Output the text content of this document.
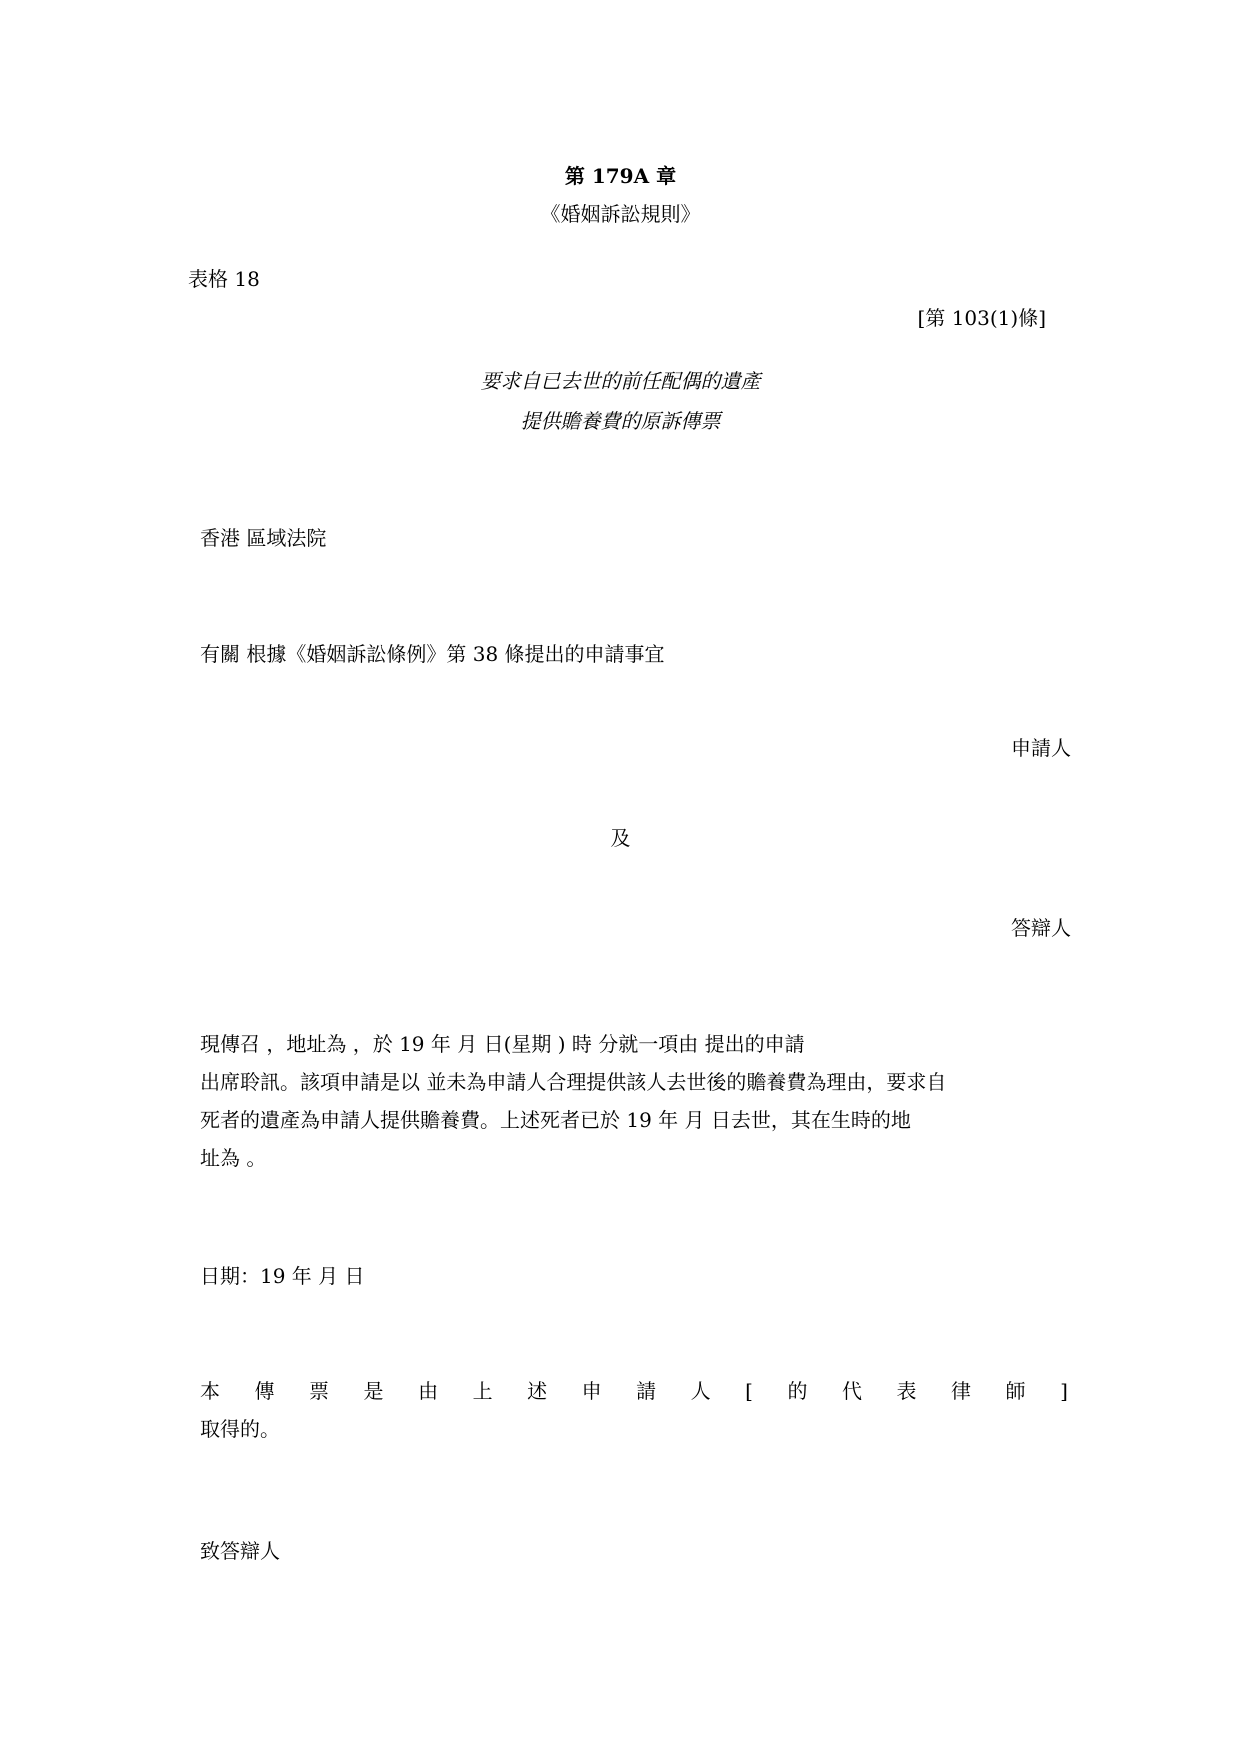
第 179A 章
《婚姻訴訟規則》
表格 18
[第 103(1)條]
要求自已去世的前任配偶的遺產
提供贍養費的原訴傳票
香港 區域法院
有關 根據《婚姻訴訟條例》第 38 條提出的申請事宜
申請人
及
答辯人
現傳召 ，地址為 ，於 19 年 月 日(星期 ) 時 分就一項由 提出的申請
出席聆訊。該項申請是以 並未為申請人合理提供該人去世後的贍養費為理由，要求自
死者的遺產為申請人提供贍養費。上述死者已於 19 年 月 日去世，其在生時的地
址為 。
日期：19 年 月 日
本 傳 票 是 由 上 述 申 請 人 [ 的 代 表 律 師 ]
取得的。
致答辯人
